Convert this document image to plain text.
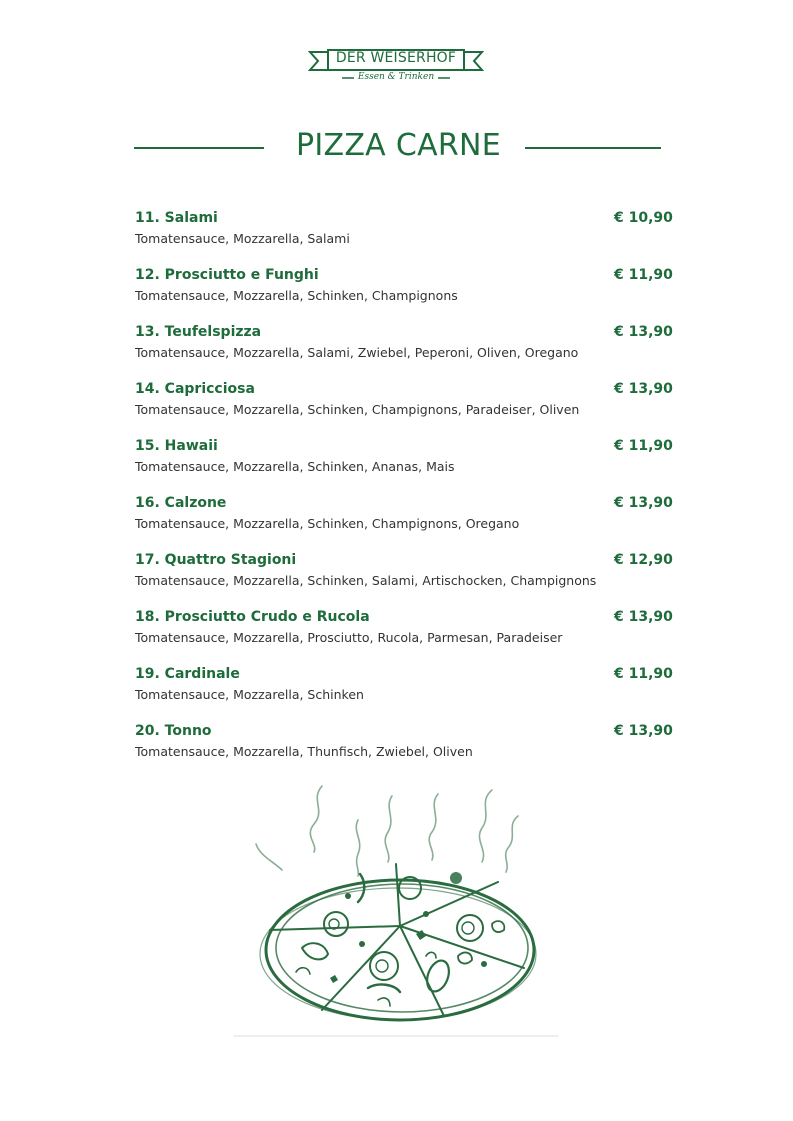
DER WEISERHOF
Essen & Trinken
PIZZA CARNE
11. Salami	€ 10,90
Tomatensauce, Mozzarella, Salami
12. Prosciutto e Funghi	€ 11,90
Tomatensauce, Mozzarella, Schinken, Champignons
13. Teufelspizza	€ 13,90
Tomatensauce, Mozzarella, Salami, Zwiebel, Peperoni, Oliven, Oregano
14. Capricciosa	€ 13,90
Tomatensauce, Mozzarella, Schinken, Champignons, Paradeiser, Oliven
15. Hawaii	€ 11,90
Tomatensauce, Mozzarella, Schinken, Ananas, Mais
16. Calzone	€ 13,90
Tomatensauce, Mozzarella, Schinken, Champignons, Oregano
17. Quattro Stagioni	€ 12,90
Tomatensauce, Mozzarella, Schinken, Salami, Artischocken, Champignons
18. Prosciutto Crudo e Rucola	€ 13,90
Tomatensauce, Mozzarella, Prosciutto, Rucola, Parmesan, Paradeiser
19. Cardinale	€ 11,90
Tomatensauce, Mozzarella, Schinken
20. Tonno	€ 13,90
Tomatensauce, Mozzarella, Thunfisch, Zwiebel, Oliven
